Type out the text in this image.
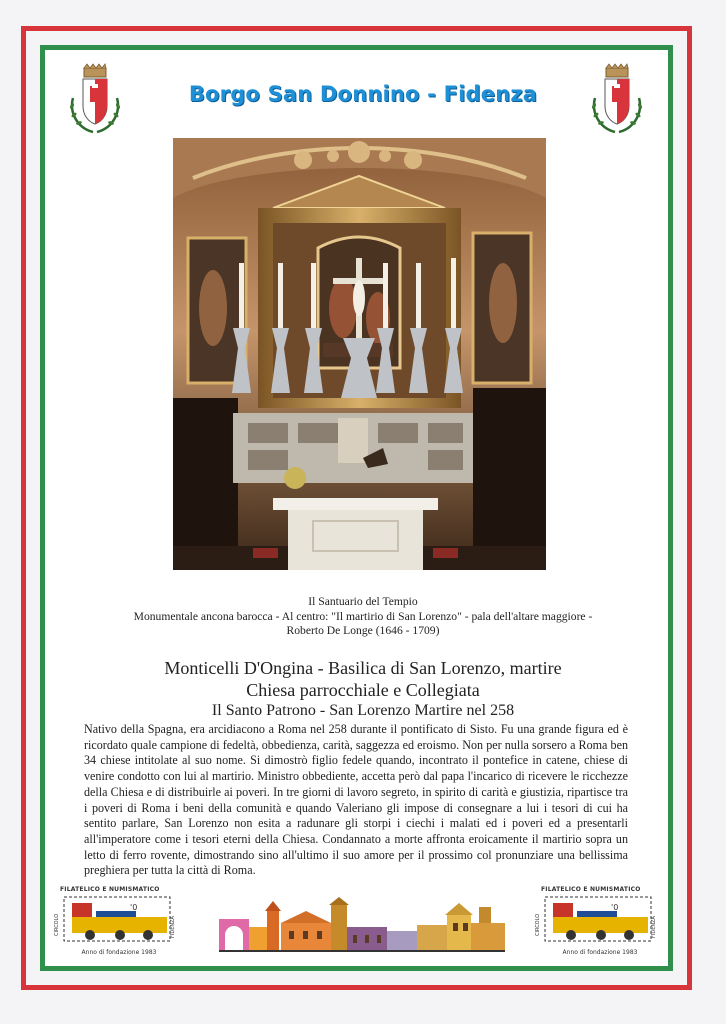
Borgo San Donnino - Fidenza
Il Santuario del Tempio
Monumentale ancona barocca - Al centro: "Il martirio di San Lorenzo" - pala dell'altare maggiore -
Roberto De Longe (1646 - 1709)
Monticelli D'Ongina - Basilica di San Lorenzo, martire
Chiesa parrocchiale e Collegiata
Il Santo Patrono - San Lorenzo Martire nel 258
Nativo della Spagna, era arcidiacono a Roma nel 258 durante il pontificato di Sisto. Fu una grande figura ed è ricordato quale campione di fedeltà, obbedienza, carità, saggezza ed eroismo. Non per nulla sorsero a Roma ben 34 chiese intitolate al suo nome. Si dimostrò figlio fedele quando, incontrato il pontefice in catene, chiese di venire condotto con lui al martirio. Ministro obbediente, accetta però dal papa l'incarico di ricevere le ricchezze della Chiesa e di distribuirle ai poveri. In tre giorni di lavoro segreto, in spirito di carità e giustizia, ripartisce tra i poveri di Roma i beni della comunità e quando Valeriano gli impose di consegnare a lui i tesori di cui ha sentito parlare, San Lorenzo non esita a radunare gli storpi i ciechi i malati ed i poveri ed a presentarli all'imperatore come i tesori eterni della Chiesa. Condannato a morte affronta eroicamente il martirio sopra un letto di ferro rovente, dimostrando sino all'ultimo il suo amore per il prossimo col pronunziare una bellissima preghiera per tutta la città di Roma.
FILATELICO E NUMISMATICO
'0
Anno di fondazione 1983
CIRCOLO	FIDENZA
FILATELICO E NUMISMATICO
'0
Anno di fondazione 1983
CIRCOLO	FIDENZA
